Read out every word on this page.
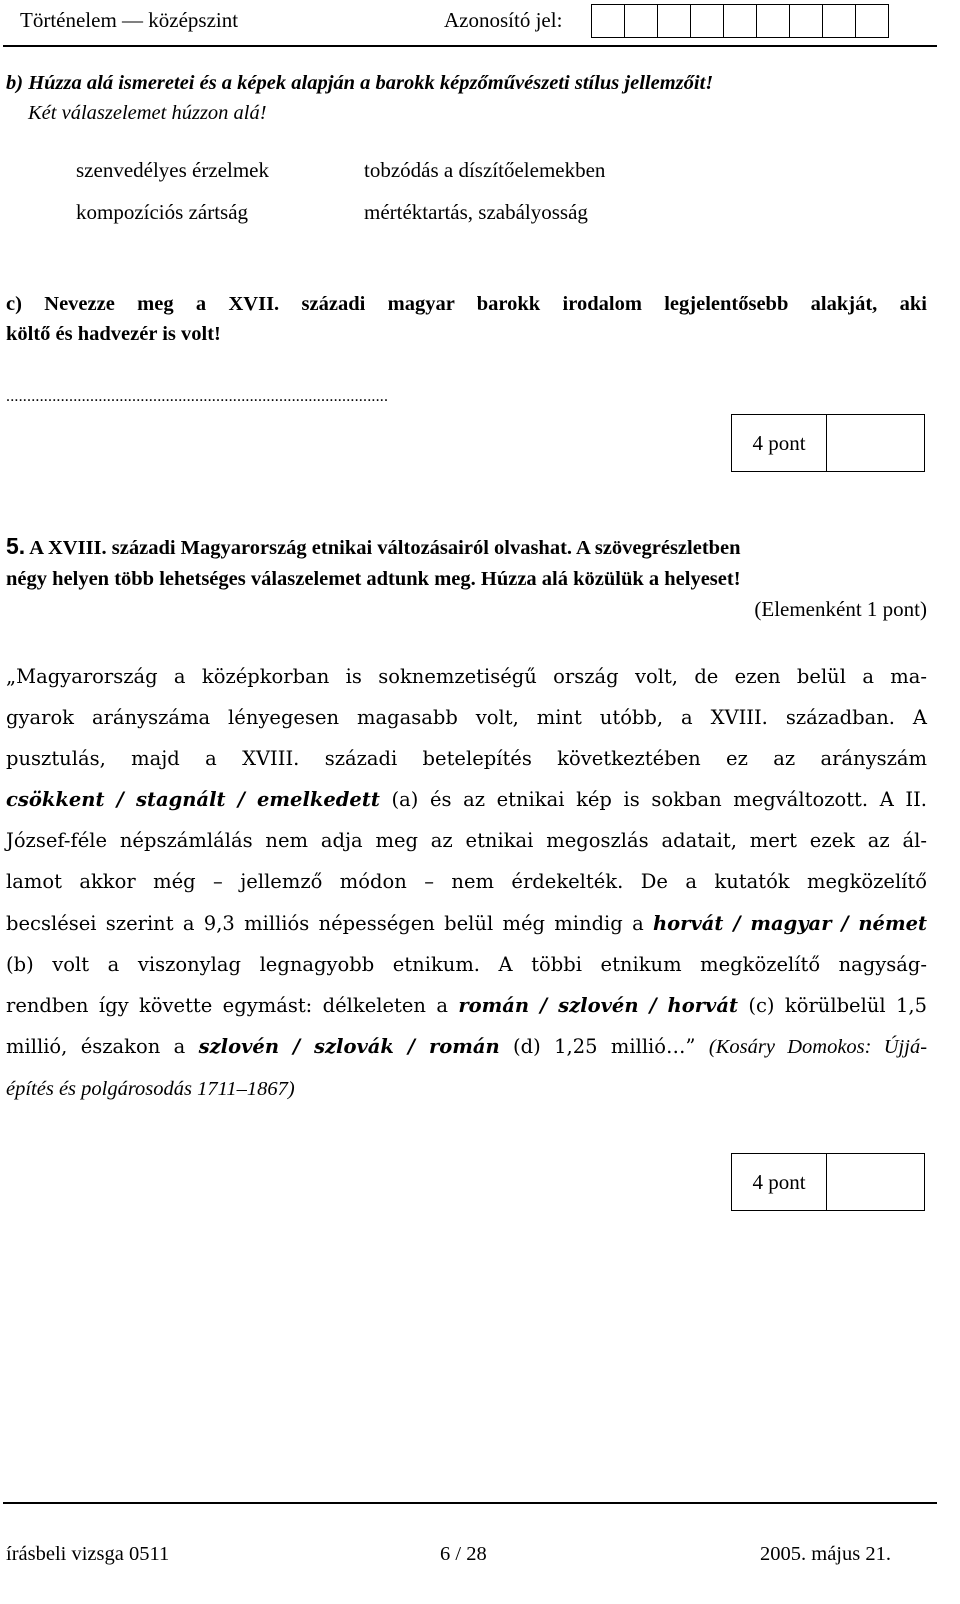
Történelem — középszint	Azonosító jel:
b) Húzza alá ismeretei és a képek alapján a barokk képzőművészeti stílus jellemzőit!
Két válaszelemet húzzon alá!
szenvedélyes érzelmek	tobzódás a díszítőelemekben
kompozíciós zártság	mértéktartás, szabályosság
c) Nevezze meg a XVII. századi magyar barokk irodalom legjelentősebb alakját, aki
költő és hadvezér is volt!
...........................................................................................
4 pont
5. A XVIII. századi Magyarország etnikai változásairól olvashat. A szövegrészletben
négy helyen több lehetséges válaszelemet adtunk meg. Húzza alá közülük a helyeset!
(Elemenként 1 pont)
„Magyarország a középkorban is soknemzetiségű ország volt, de ezen belül a ma-
gyarok arányszáma lényegesen magasabb volt, mint utóbb, a XVIII. században. A
pusztulás, majd a XVIII. századi betelepítés következtében ez az arányszám
csökkent / stagnált / emelkedett (a) és az etnikai kép is sokban megváltozott. A II.
József-féle népszámlálás nem adja meg az etnikai megoszlás adatait, mert ezek az ál-
lamot akkor még – jellemző módon – nem érdekelték. De a kutatók megközelítő
becslései szerint a 9,3 milliós népességen belül még mindig a horvát / magyar / német
(b) volt a viszonylag legnagyobb etnikum. A többi etnikum megközelítő nagyság-
rendben így követte egymást: délkeleten a román / szlovén / horvát (c) körülbelül 1,5
millió, északon a szlovén / szlovák / román (d) 1,25 millió…” (Kosáry Domokos: Újjá-
építés és polgárosodás 1711–1867)
4 pont
írásbeli vizsga 0511	6 / 28	2005. május 21.
